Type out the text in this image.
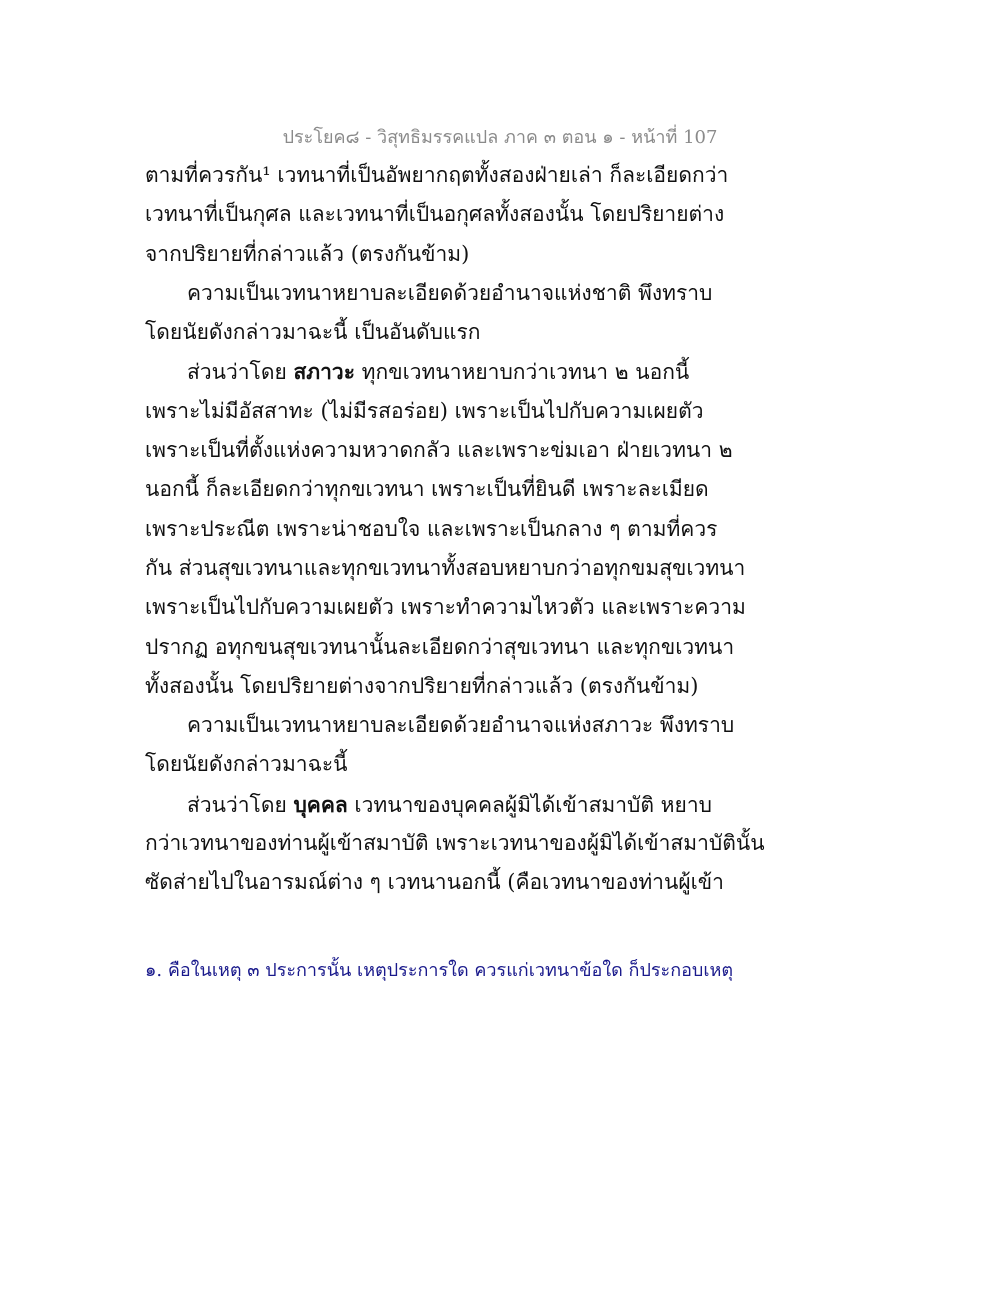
ประโยค๘ - วิสุทธิมรรคแปล ภาค ๓ ตอน ๑ - หน้าที่ 107
ตามที่ควรกัน¹ เวทนาที่เป็นอัพยากฤตทั้งสองฝ่ายเล่า ก็ละเอียดกว่า
เวทนาที่เป็นกุศล และเวทนาที่เป็นอกุศลทั้งสองนั้น โดยปริยายต่าง
จากปริยายที่กล่าวแล้ว (ตรงกันข้าม)
ความเป็นเวทนาหยาบละเอียดด้วยอำนาจแห่งชาติ พึงทราบ
โดยนัยดังกล่าวมาฉะนี้ เป็นอันดับแรก
ส่วนว่าโดย สภาวะ ทุกขเวทนาหยาบกว่าเวทนา ๒ นอกนี้
เพราะไม่มีอัสสาทะ (ไม่มีรสอร่อย) เพราะเป็นไปกับความเผยตัว
เพราะเป็นที่ตั้งแห่งความหวาดกลัว และเพราะข่มเอา ฝ่ายเวทนา ๒
นอกนี้ ก็ละเอียดกว่าทุกขเวทนา เพราะเป็นที่ยินดี เพราะละเมียด
เพราะประณีต เพราะน่าชอบใจ และเพราะเป็นกลาง ๆ ตามที่ควร
กัน ส่วนสุขเวทนาและทุกขเวทนาทั้งสอบหยาบกว่าอทุกขมสุขเวทนา
เพราะเป็นไปกับความเผยตัว เพราะทำความไหวตัว และเพราะความ
ปรากฏ อทุกขนสุขเวทนานั้นละเอียดกว่าสุขเวทนา และทุกขเวทนา
ทั้งสองนั้น โดยปริยายต่างจากปริยายที่กล่าวแล้ว (ตรงกันข้าม)
ความเป็นเวทนาหยาบละเอียดด้วยอำนาจแห่งสภาวะ พึงทราบ
โดยนัยดังกล่าวมาฉะนี้
ส่วนว่าโดย บุคคล เวทนาของบุคคลผู้มิได้เข้าสมาบัติ หยาบ
กว่าเวทนาของท่านผู้เข้าสมาบัติ เพราะเวทนาของผู้มิได้เข้าสมาบัตินั้น
ซัดส่ายไปในอารมณ์ต่าง ๆ เวทนานอกนี้ (คือเวทนาของท่านผู้เข้า
๑. คือในเหตุ ๓ ประการนั้น เหตุประการใด ควรแก่เวทนาข้อใด ก็ประกอบเหตุ
